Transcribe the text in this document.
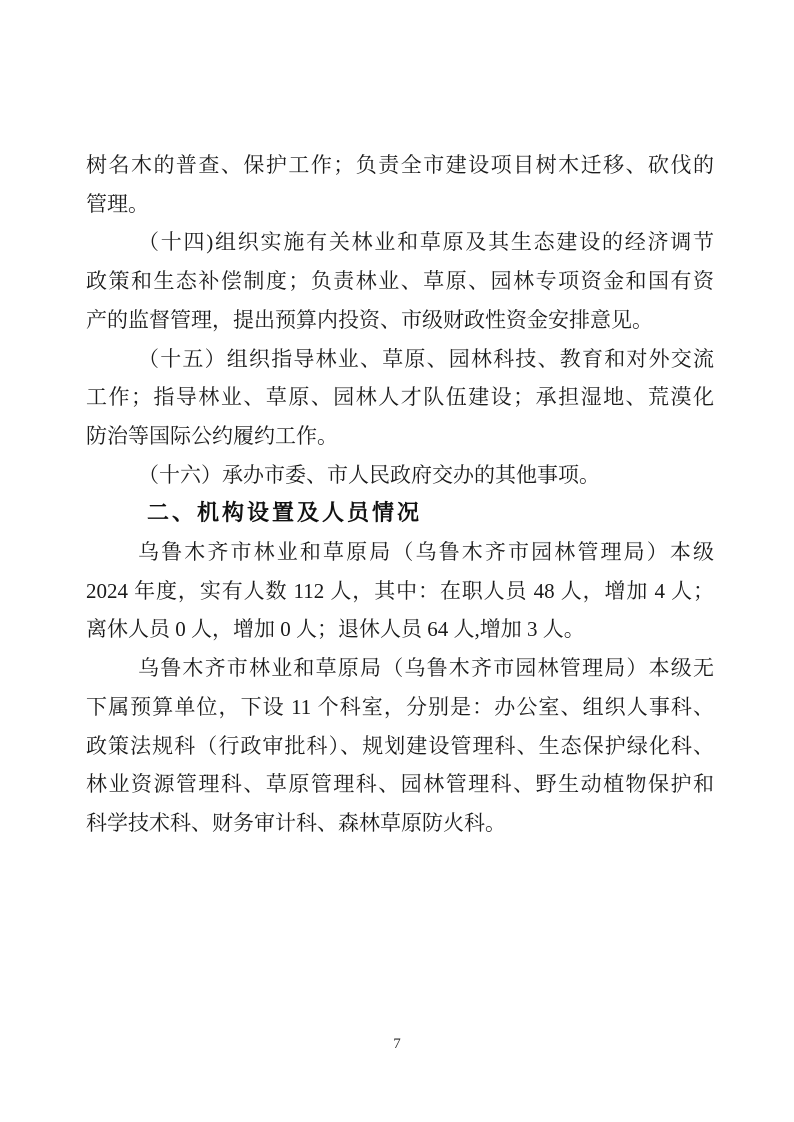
树名木的普查、保护工作；负责全市建设项目树木迁移、砍伐的
管理。
（十四)组织实施有关林业和草原及其生态建设的经济调节
政策和生态补偿制度；负责林业、草原、园林专项资金和国有资
产的监督管理，提出预算内投资、市级财政性资金安排意见。
（十五）组织指导林业、草原、园林科技、教育和对外交流
工作；指导林业、草原、园林人才队伍建设；承担湿地、荒漠化
防治等国际公约履约工作。
（十六）承办市委、市人民政府交办的其他事项。
二、机构设置及人员情况
乌鲁木齐市林业和草原局（乌鲁木齐市园林管理局）本级
2024 年度，实有人数 112 人，其中：在职人员 48 人，增加 4 人；
离休人员 0 人，增加 0 人；退休人员 64 人,增加 3 人。
乌鲁木齐市林业和草原局（乌鲁木齐市园林管理局）本级无
下属预算单位，下设 11 个科室，分别是：办公室、组织人事科、
政策法规科（行政审批科）、规划建设管理科、生态保护绿化科、
林业资源管理科、草原管理科、园林管理科、野生动植物保护和
科学技术科、财务审计科、森林草原防火科。
7
